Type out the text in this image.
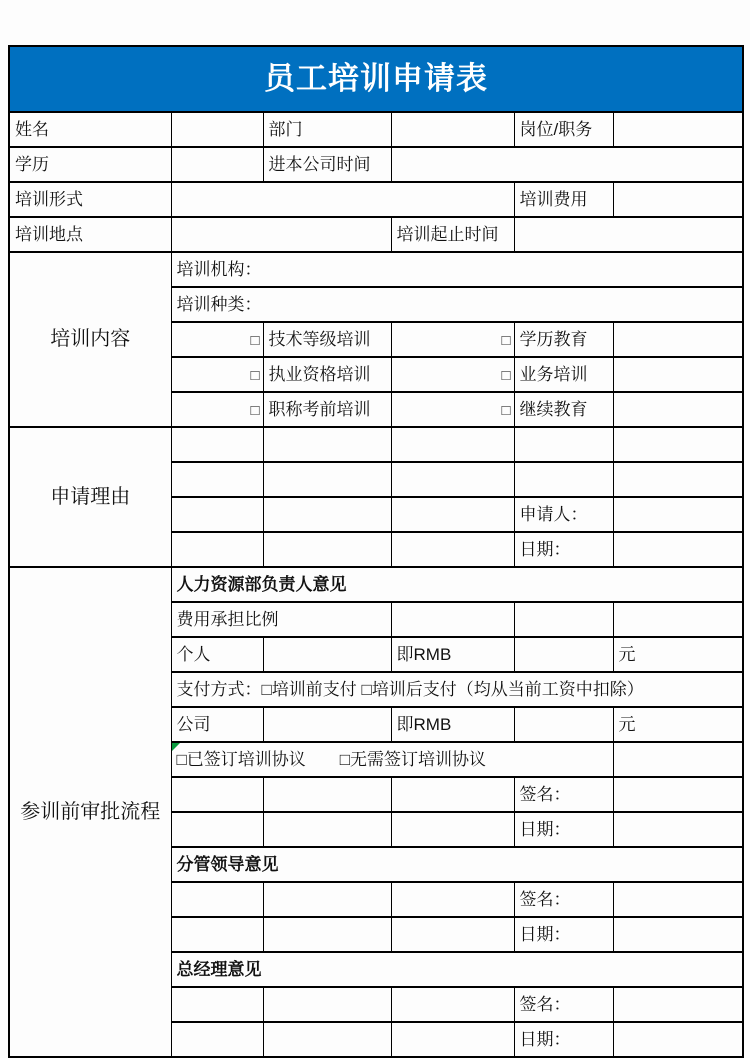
员工培训申请表					
姓名		部门		岗位/职务	
学历		进本公司时间			
培训形式				培训费用	
培训地点			培训起止时间		
培训内容	培训机构：				
	培训种类：				
	□	技术等级培训	□	学历教育	
	□	执业资格培训	□	业务培训	
	□	职称考前培训	□	继续教育	
申请理由					

				申请人：	
				日期：	
参训前审批流程	人力资源部负责人意见				
	费用承担比例				
	个人		即RMB		元
	支付方式：□培训前支付 □培训后支付（均从当前工资中扣除）				
	公司		即RMB		元

□已签订培训协议　　□无需签订培训协议				
				签名：	
				日期：	
	分管领导意见				
				签名：	
				日期：	
	总经理意见				
				签名：	
				日期：	
